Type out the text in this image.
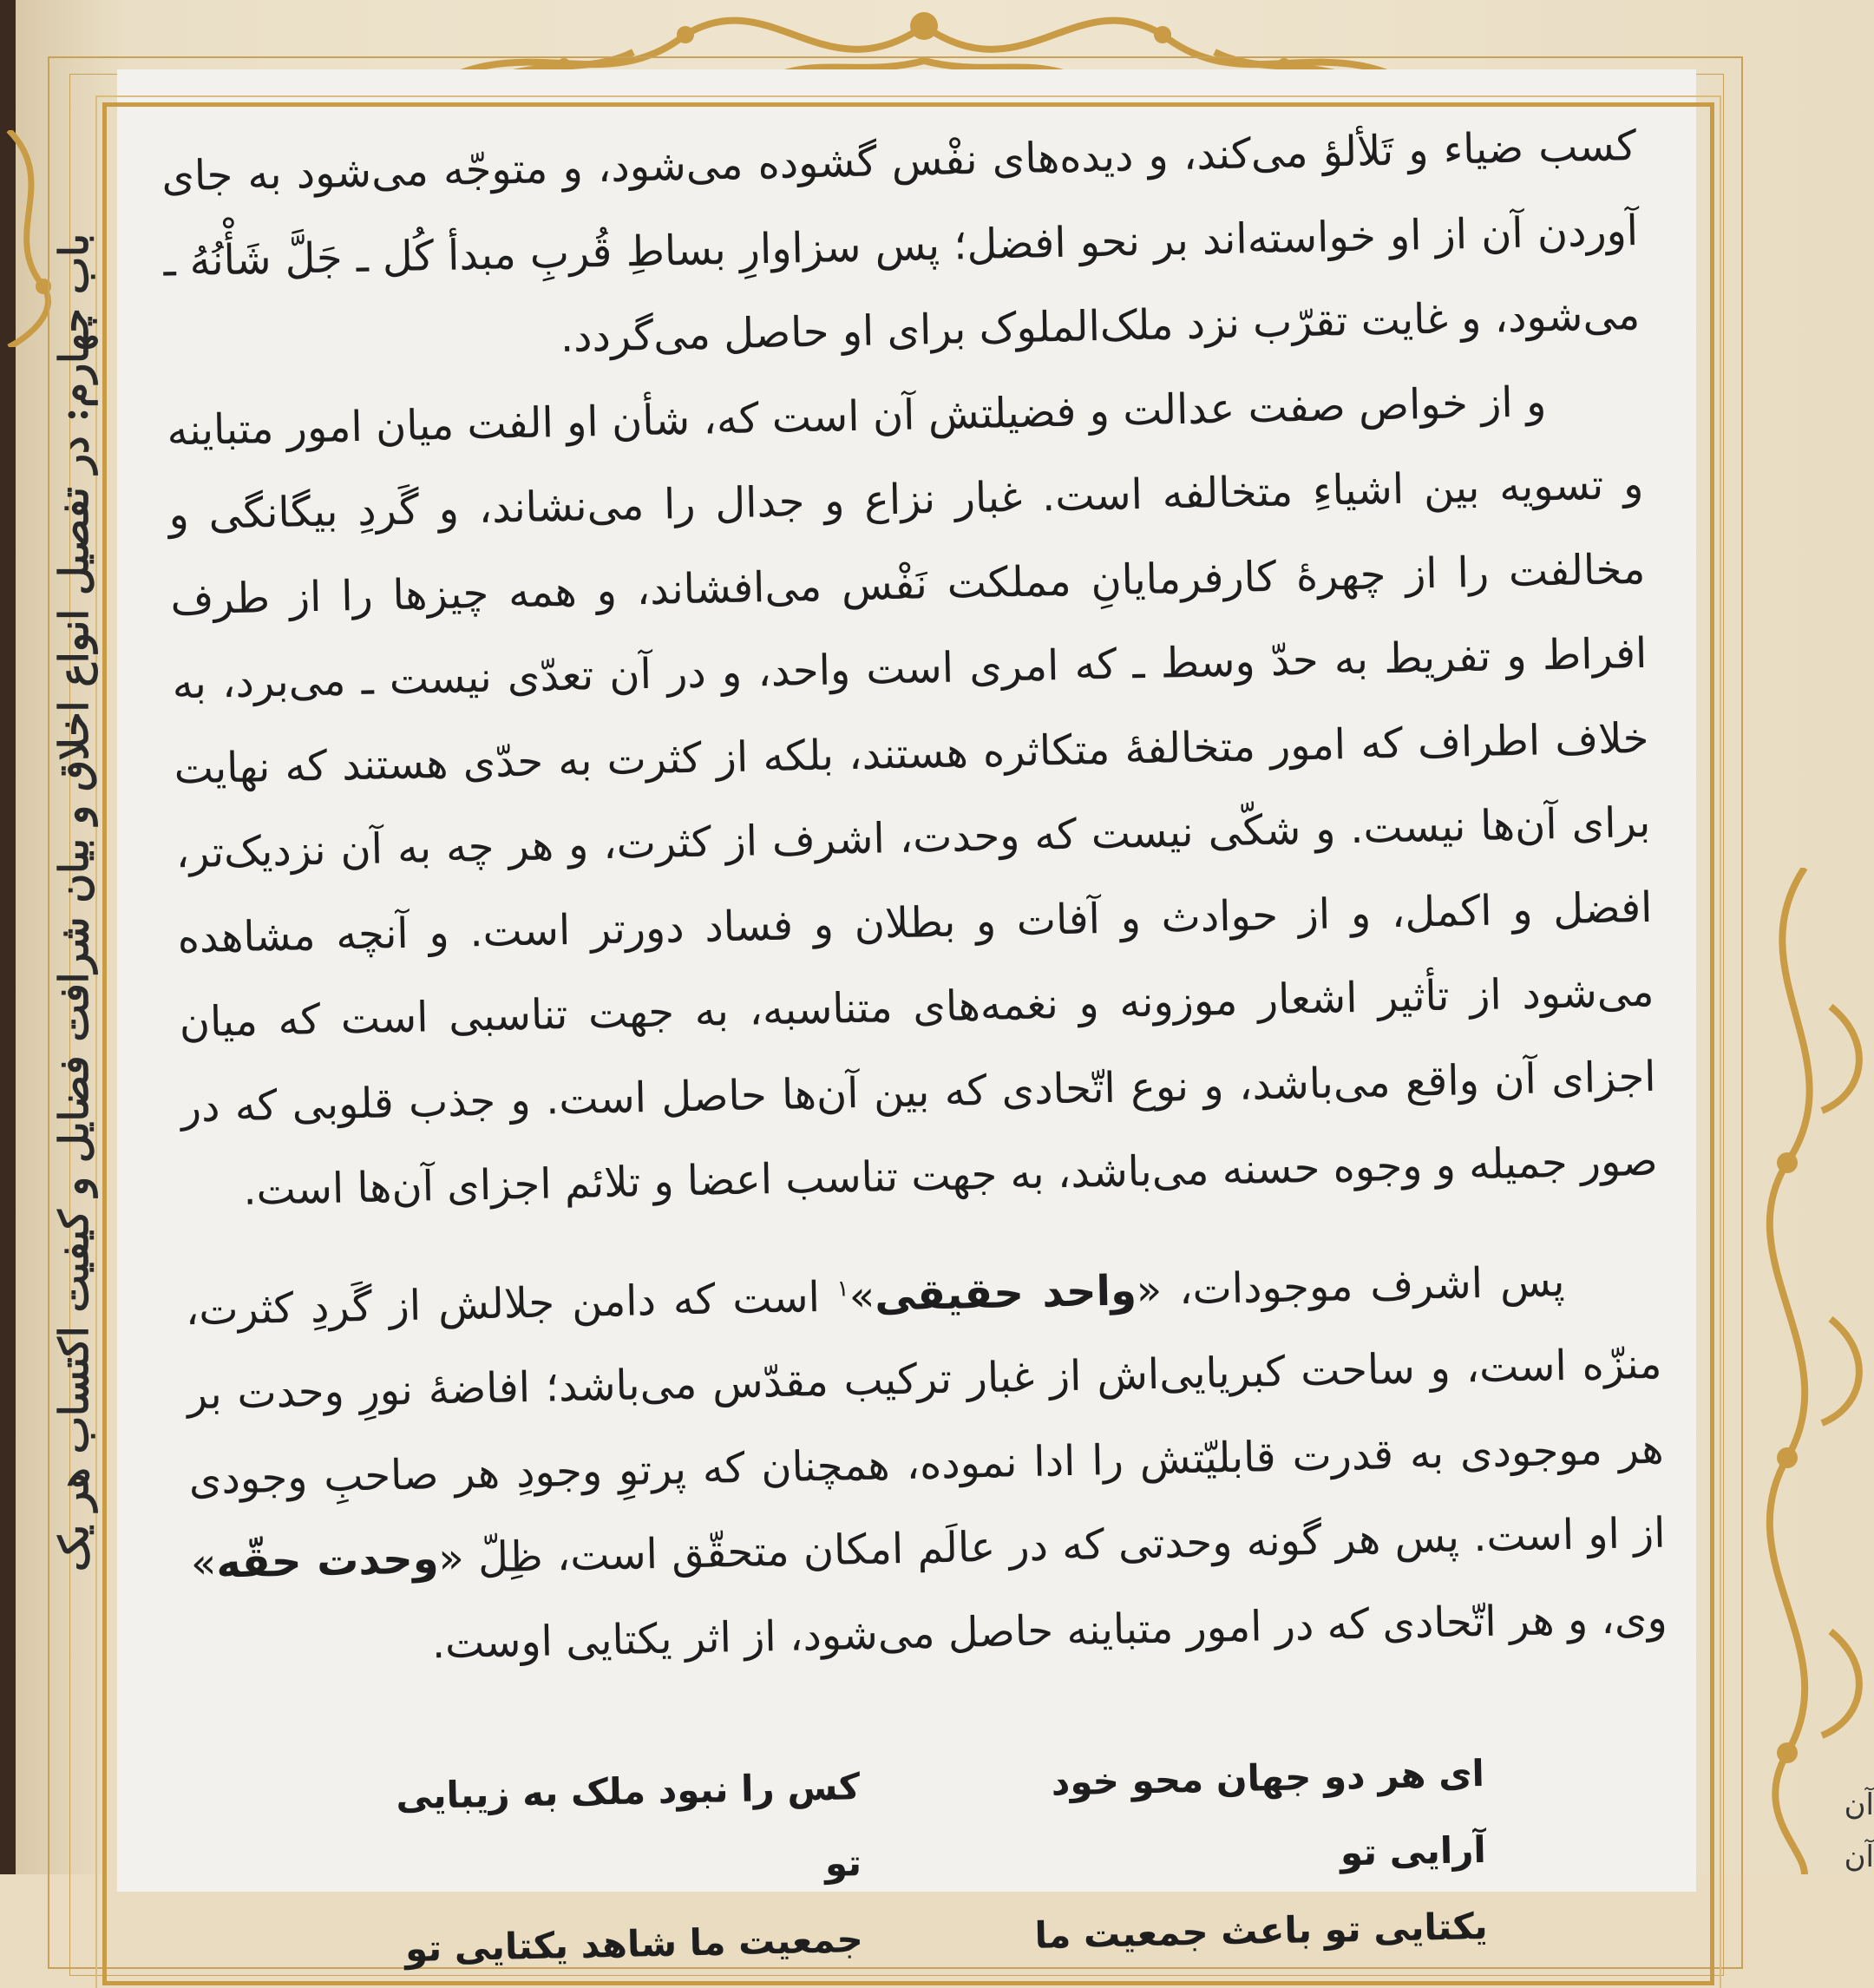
باب چهارم: در تفصیل انواع اخلاق و بیان شرافت فضایل و کیفیت اکتساب هر یک

کسب ضیاء و تَلألؤ می‌کند، و دیده‌های نفْس گشوده می‌شود، و متوجّه می‌شود به جای آوردن آن از او خواسته‌اند بر نحو افضل؛ پس سزاوارِ بساطِ قُربِ مبدأ کُل ـ جَلَّ شَأْنُهُ ـ می‌شود، و غایت تقرّب نزد ملک‌الملوک برای او حاصل می‌گردد.

و از خواص صفت عدالت و فضیلتش آن است که، شأن او الفت میان امور متباینه و تسویه بین اشیاءِ متخالفه است. غبار نزاع و جدال را می‌نشاند، و گَردِ بیگانگی و مخالفت را از چهرهٔ کارفرمایانِ مملکت نَفْس می‌افشاند، و همه چیزها را از طرف افراط و تفریط به حدّ وسط ـ که امری است واحد، و در آن تعدّی نیست ـ می‌برد، به خلاف اطراف که امور متخالفهٔ متکاثره هستند، بلکه از کثرت به حدّی هستند که نهایت برای آن‌ها نیست. و شکّی نیست که وحدت، اشرف از کثرت، و هر چه به آن نزدیک‌تر، افضل و اکمل، و از حوادث و آفات و بطلان و فساد دورتر است. و آنچه مشاهده می‌شود از تأثیر اشعار موزونه و نغمه‌های متناسبه، به جهت تناسبی است که میان اجزای آن واقع می‌باشد، و نوع اتّحادی که بین آن‌ها حاصل است. و جذب قلوبی که در صور جمیله و وجوه حسنه می‌باشد، به جهت تناسب اعضا و تلائم اجزای آن‌ها است.

پس اشرف موجودات، «واحد حقیقی»$^۱$ است که دامن جلالش از گَردِ کثرت، منزّه است، و ساحت کبریایی‌اش از غبار ترکیب مقدّس می‌باشد؛ افاضهٔ نورِ وحدت بر هر موجودی به قدرت قابلیّتش را ادا نموده، همچنان که پرتوِ وجودِ هر صاحبِ وجودی از او است. پس هر گونه وحدتی که در عالَم امکان متحقّق است، ظِلّ «وحدت حقّه» وی، و هر اتّحادی که در امور متباینه حاصل می‌شود، از اثر یکتایی اوست.

ای هر دو جهان محو خود آرایی تو
کس را نبود ملک به زیبایی تو
یکتایی تو باعث جمعیت ما
جمعیت ما شاهد یکتایی تو
آن
آن
